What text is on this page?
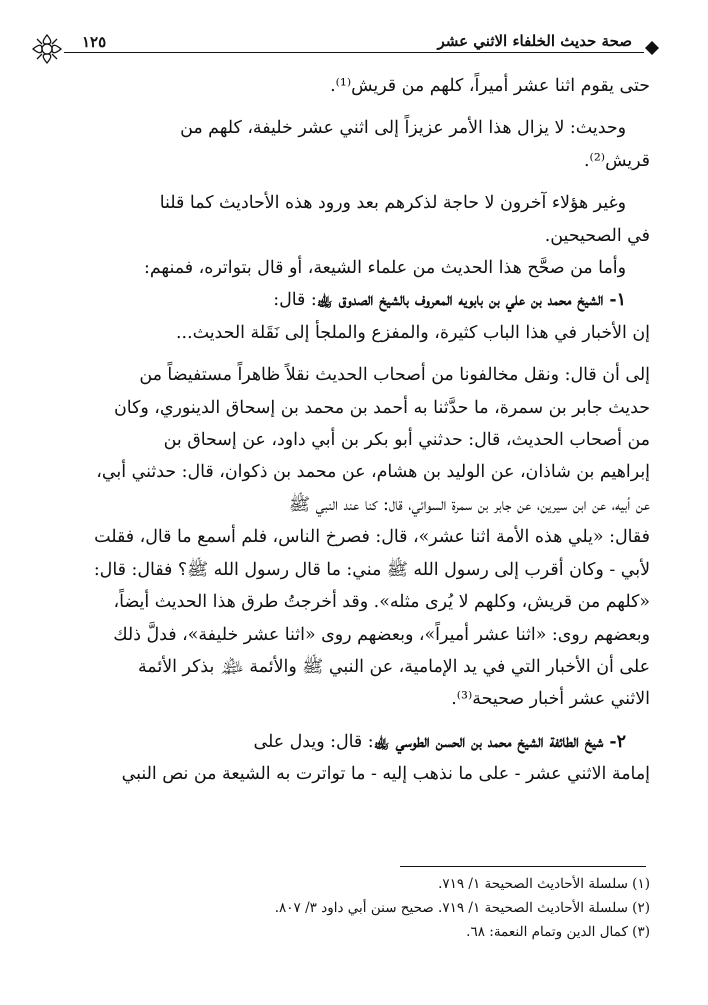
صحة حديث الخلفاء الاثني عشر
١٢٥

حتى يقوم اثنا عشر أميراً، كلهم من قريش⁽¹⁾.

وحديث: لا يزال هذا الأمر عزيزاً إلى اثني عشر خليفة، كلهم من

قريش⁽²⁾.

وغير هؤلاء آخرون لا حاجة لذكرهم بعد ورود هذه الأحاديث كما قلنا

في الصحيحين.

وأما من صحَّح هذا الحديث من علماء الشيعة، أو قال بتواتره، فمنهم:

١- الشيخ محمد بن علي بن بابويه المعروف بالشيخ الصدوق ﵀: قال:

إن الأخبار في هذا الباب كثيرة، والمفزع والملجأ إلى نَقَلة الحديث...

إلى أن قال: ونقل مخالفونا من أصحاب الحديث نقلاً ظاهراً مستفيضاً من

حديث جابر بن سمرة، ما حدَّثنا به أحمد بن محمد بن إسحاق الدينوري، وكان

من أصحاب الحديث، قال: حدثني أبو بكر بن أبي داود، عن إسحاق بن

إبراهيم بن شاذان، عن الوليد بن هشام، عن محمد بن ذكوان، قال: حدثني أبي،

عن أبيه، عن ابن سيرين، عن جابر بن سمرة السوائي، قال: كنا عند النبي ﷺ

فقال: «يلي هذه الأمة اثنا عشر»، قال: فصرخ الناس، فلم أسمع ما قال، فقلت

لأبي - وكان أقرب إلى رسول الله ﷺ مني: ما قال رسول الله ﷺ؟ فقال: قال:

«كلهم من قريش، وكلهم لا يُرى مثله». وقد أخرجتُ طرق هذا الحديث أيضاً،

وبعضهم روى: «اثنا عشر أميراً»، وبعضهم روى «اثنا عشر خليفة»، فدلَّ ذلك

على أن الأخبار التي في يد الإمامية، عن النبي ﷺ والأئمة ﵈ بذكر الأئمة

الاثني عشر أخبار صحيحة⁽³⁾.

٢- شيخ الطائفة الشيخ محمد بن الحسن الطوسي ﵀: قال: ويدل على

إمامة الاثني عشر - على ما نذهب إليه - ما تواترت به الشيعة من نص النبي

(١) سلسلة الأحاديث الصحيحة ١/ ٧١٩.
(٢) سلسلة الأحاديث الصحيحة ١/ ٧١٩. صحيح سنن أبي داود ٣/ ٨٠٧.
(٣) كمال الدين وتمام النعمة: ٦٨.
